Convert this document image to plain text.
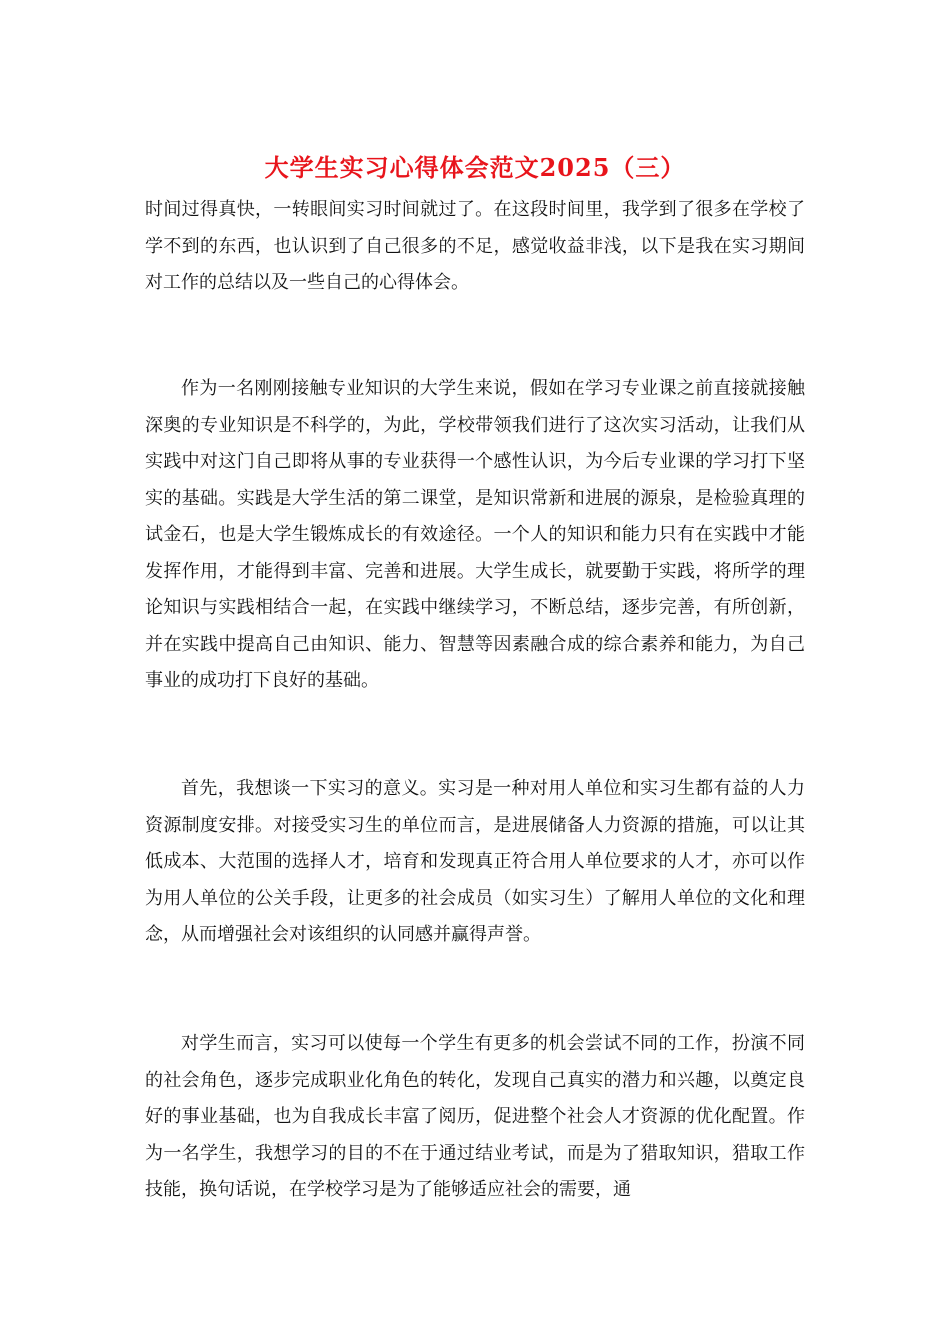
大学生实习心得体会范文2025（三）

时间过得真快，一转眼间实习时间就过了。在这段时间里，我学到了很多在学校了学不到的东西，也认识到了自己很多的不足，感觉收益非浅，以下是我在实习期间对工作的总结以及一些自己的心得体会。

作为一名刚刚接触专业知识的大学生来说，假如在学习专业课之前直接就接触深奥的专业知识是不科学的，为此，学校带领我们进行了这次实习活动，让我们从实践中对这门自己即将从事的专业获得一个感性认识，为今后专业课的学习打下坚实的基础。实践是大学生活的第二课堂，是知识常新和进展的源泉，是检验真理的试金石，也是大学生锻炼成长的有效途径。一个人的知识和能力只有在实践中才能发挥作用，才能得到丰富、完善和进展。大学生成长，就要勤于实践，将所学的理论知识与实践相结合一起，在实践中继续学习，不断总结，逐步完善，有所创新，并在实践中提高自己由知识、能力、智慧等因素融合成的综合素养和能力，为自己事业的成功打下良好的基础。

首先，我想谈一下实习的意义。实习是一种对用人单位和实习生都有益的人力资源制度安排。对接受实习生的单位而言，是进展储备人力资源的措施，可以让其低成本、大范围的选择人才，培育和发现真正符合用人单位要求的人才，亦可以作为用人单位的公关手段，让更多的社会成员（如实习生）了解用人单位的文化和理念，从而增强社会对该组织的认同感并赢得声誉。

对学生而言，实习可以使每一个学生有更多的机会尝试不同的工作，扮演不同的社会角色，逐步完成职业化角色的转化，发现自己真实的潜力和兴趣，以奠定良好的事业基础，也为自我成长丰富了阅历，促进整个社会人才资源的优化配置。作为一名学生，我想学习的目的不在于通过结业考试，而是为了猎取知识，猎取工作技能，换句话说，在学校学习是为了能够适应社会的需要，通
